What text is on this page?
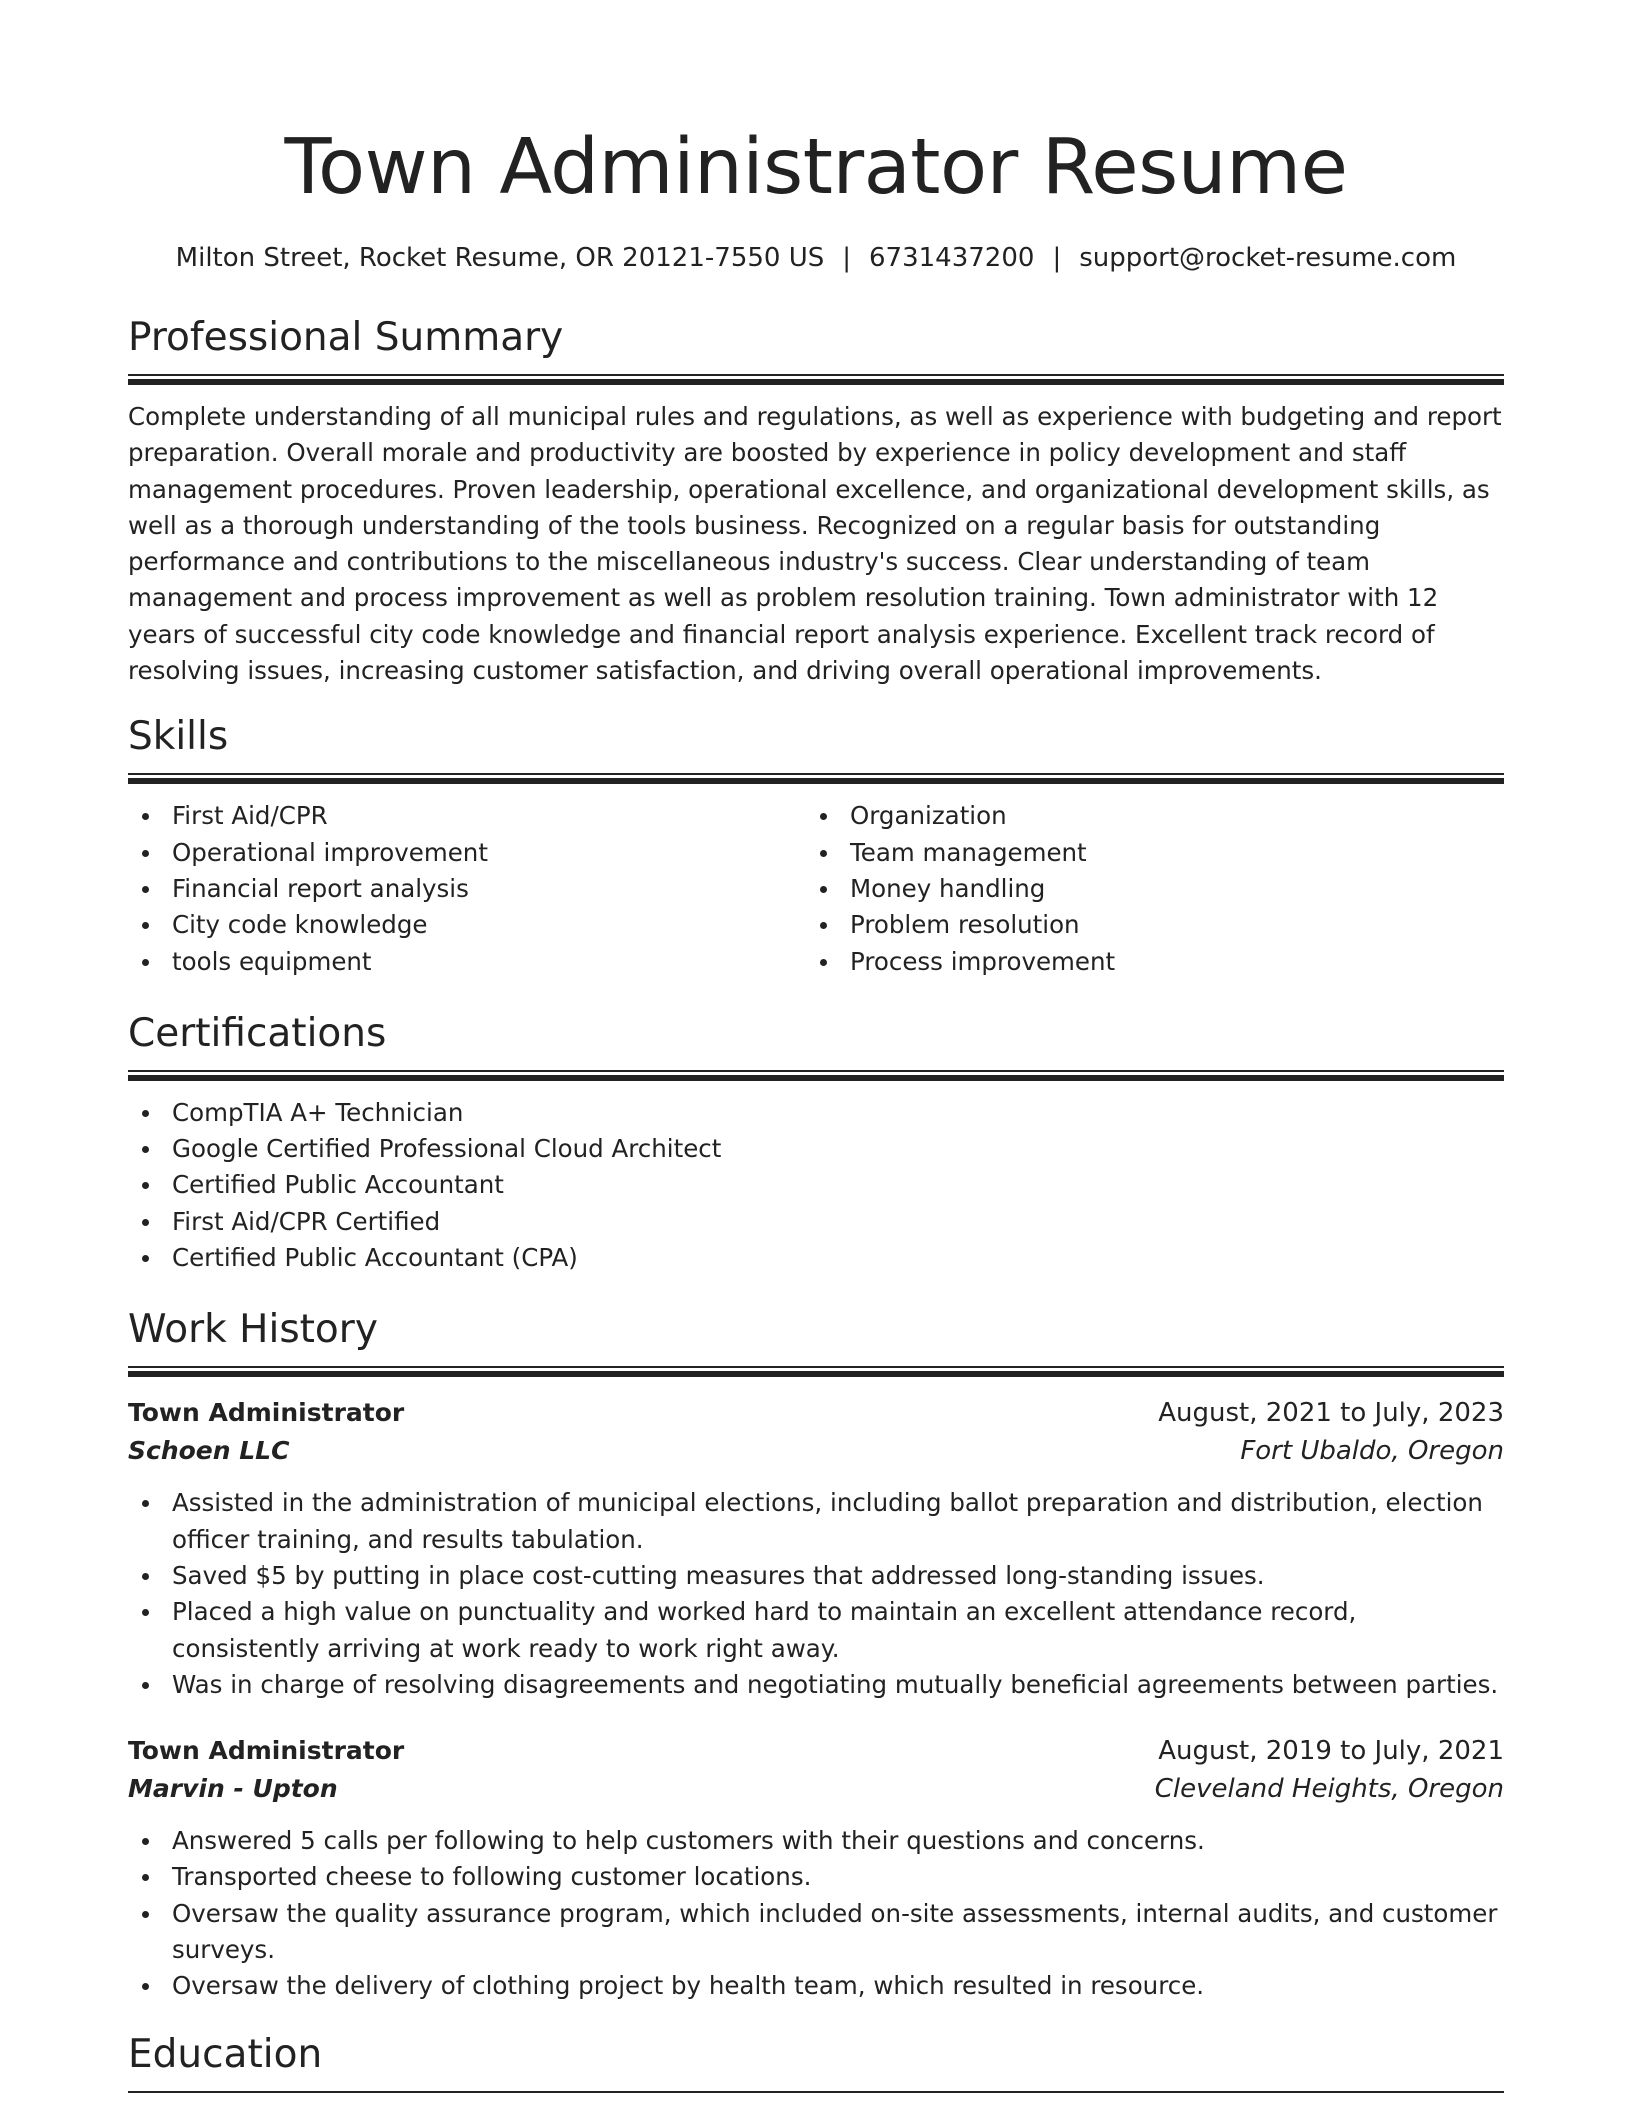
Town Administrator Resume
Milton Street, Rocket Resume, OR 20121-7550 US | 6731437200 | support@rocket-resume.com
Professional Summary

Complete understanding of all municipal rules and regulations, as well as experience with budgeting and report preparation. Overall morale and productivity are boosted by experience in policy development and staff management procedures. Proven leadership, operational excellence, and organizational development skills, as well as a thorough understanding of the tools business. Recognized on a regular basis for outstanding performance and contributions to the miscellaneous industry's success. Clear understanding of team management and process improvement as well as problem resolution training. Town administrator with 12 years of successful city code knowledge and financial report analysis experience. Excellent track record of resolving issues, increasing customer satisfaction, and driving overall operational improvements.

Skills
First Aid/CPR
Operational improvement
Financial report analysis
City code knowledge
tools equipment
Organization
Team management
Money handling
Problem resolution
Process improvement
Certifications
CompTIA A+ Technician
Google Certified Professional Cloud Architect
Certified Public Accountant
First Aid/CPR Certified
Certified Public Accountant (CPA)
Work History
Town Administrator	August, 2021 to July, 2023
Schoen LLC	Fort Ubaldo, Oregon
Assisted in the administration of municipal elections, including ballot preparation and distribution, election officer training, and results tabulation.
Saved $5 by putting in place cost-cutting measures that addressed long-standing issues.
Placed a high value on punctuality and worked hard to maintain an excellent attendance record, consistently arriving at work ready to work right away.
Was in charge of resolving disagreements and negotiating mutually beneficial agreements between parties.
Town Administrator	August, 2019 to July, 2021
Marvin - Upton	Cleveland Heights, Oregon
Answered 5 calls per following to help customers with their questions and concerns.
Transported cheese to following customer locations.
Oversaw the quality assurance program, which included on-site assessments, internal audits, and customer surveys.
Oversaw the delivery of clothing project by health team, which resulted in resource.
Education
